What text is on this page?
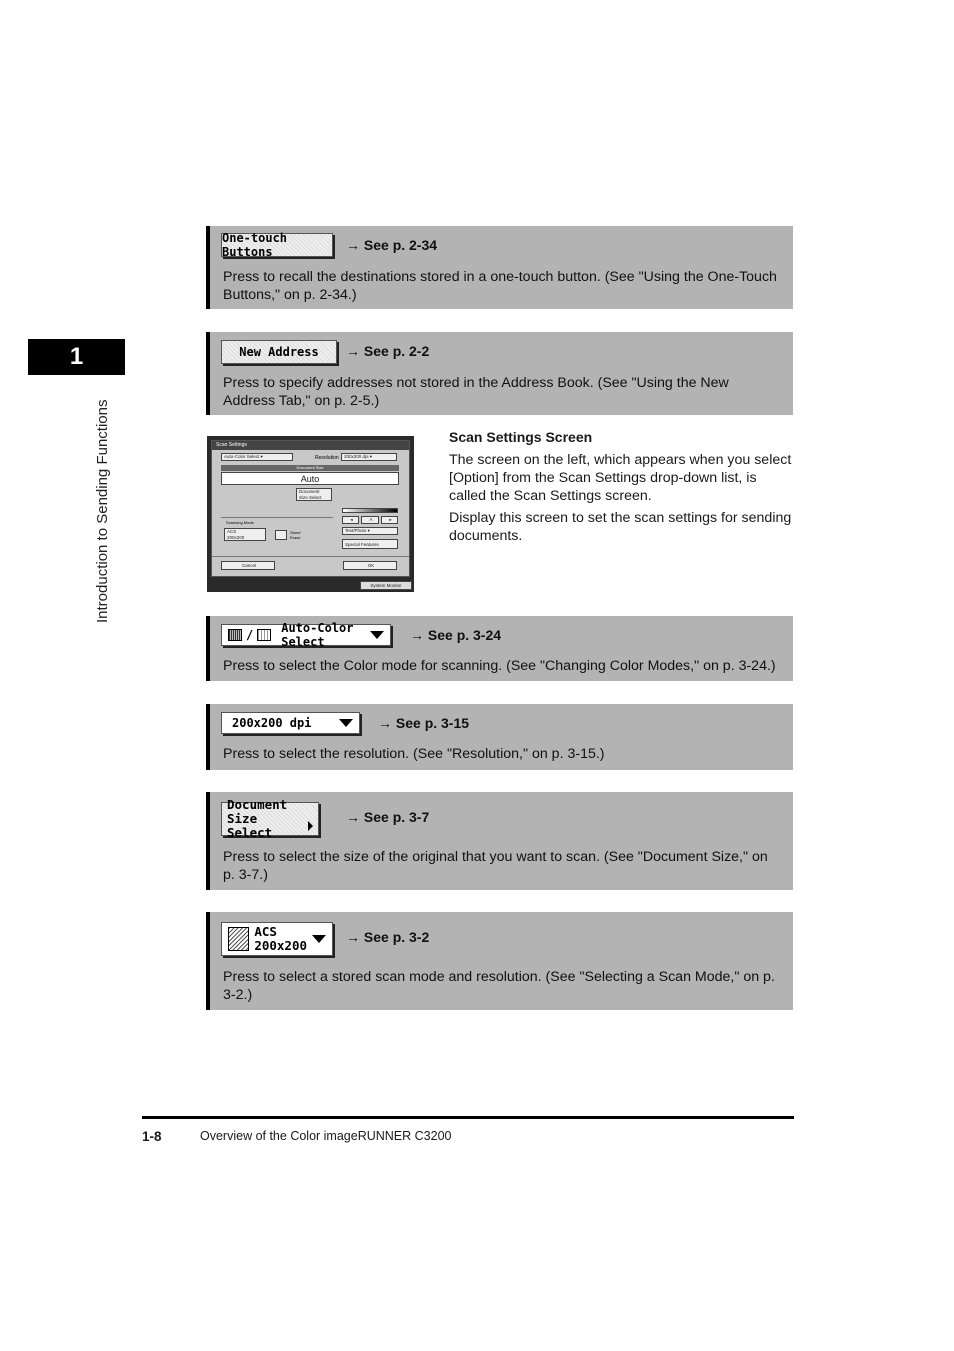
1
Introduction to Sending Functions
One-touch Buttons	→ See p. 2-34
Press to recall the destinations stored in a one-touch button. (See "Using the One-Touch Buttons," on p. 2-34.)
New Address → See p. 2-2
Press to specify addresses not stored in the Address Book. (See "Using the New Address Tab," on p. 2-5.)
Scan Settings
Auto-Color Select ▾	Resolution	200x200 dpi ▾
Document Size
Auto
Document
Size Select
◂	A	▸
Text/Photo ▾
Scanning Mode
ACS
200x200
Store/
Erase
Special Features
Cancel	OK
System Monitor
Scan Settings Screen
The screen on the left, which appears when you select [Option] from the Scan Settings drop-down list, is called the Scan Settings screen.
Display this screen to set the scan settings for sending documents.
/ Auto-Color Select	→ See p. 3-24
Press to select the Color mode for scanning. (See "Changing Color Modes," on p. 3-24.)
200x200 dpi	→ See p. 3-15
Press to select the resolution. (See "Resolution," on p. 3-15.)
Document
Size Select
→ See p. 3-7
Press to select the size of the original that you want to scan. (See "Document Size," on p. 3-7.)
ACS
200x200
→ See p. 3-2
Press to select a stored scan mode and resolution. (See "Selecting a Scan Mode," on p. 3-2.)
1-8	Overview of the Color imageRUNNER C3200
